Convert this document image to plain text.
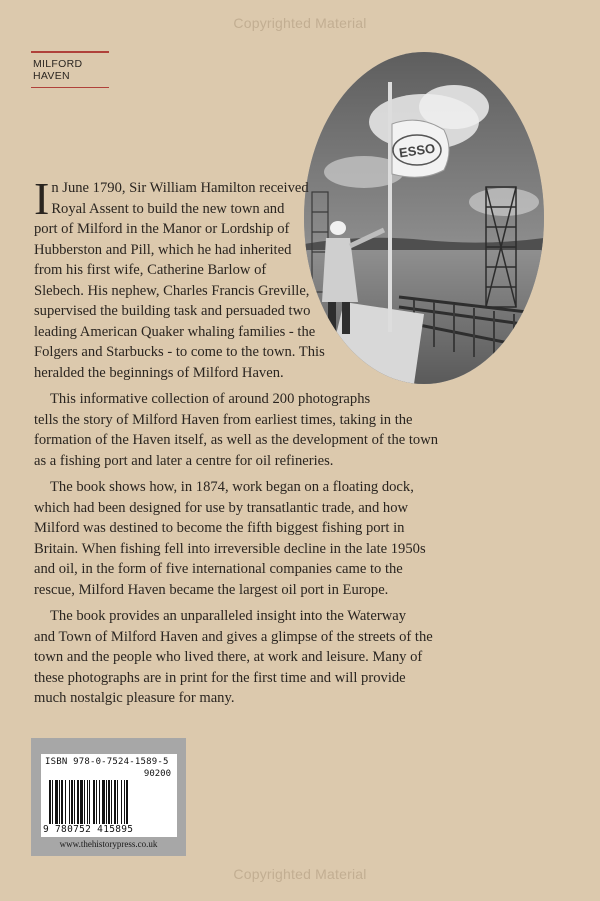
Copyrighted Material
MILFORD HAVEN
ESSO

I n June 1790, Sir William Hamilton received
Royal Assent to build the new town and
port of Milford in the Manor or Lordship of
Hubberston and Pill, which he had inherited
from his first wife, Catherine Barlow of
Slebech. His nephew, Charles Francis Greville,
supervised the building task and persuaded two
leading American Quaker whaling families - the
Folgers and Starbucks - to come to the town. This
heralded the beginnings of Milford Haven.

This informative collection of around 200 photographs
tells the story of Milford Haven from earliest times, taking in the
formation of the Haven itself, as well as the development of the town
as a fishing port and later a centre for oil refineries.

The book shows how, in 1874, work began on a floating dock,
which had been designed for use by transatlantic trade, and how
Milford was destined to become the fifth biggest fishing port in
Britain. When fishing fell into irreversible decline in the late 1950s
and oil, in the form of five international companies came to the
rescue, Milford Haven became the largest oil port in Europe.

The book provides an unparalleled insight into the Waterway
and Town of Milford Haven and gives a glimpse of the streets of the
town and the people who lived there, at work and leisure. Many of
these photographs are in print for the first time and will provide
much nostalgic pleasure for many.

ISBN 978-0-7524-1589-5
90200
9 780752 415895
www.thehistorypress.co.uk
Copyrighted Material
